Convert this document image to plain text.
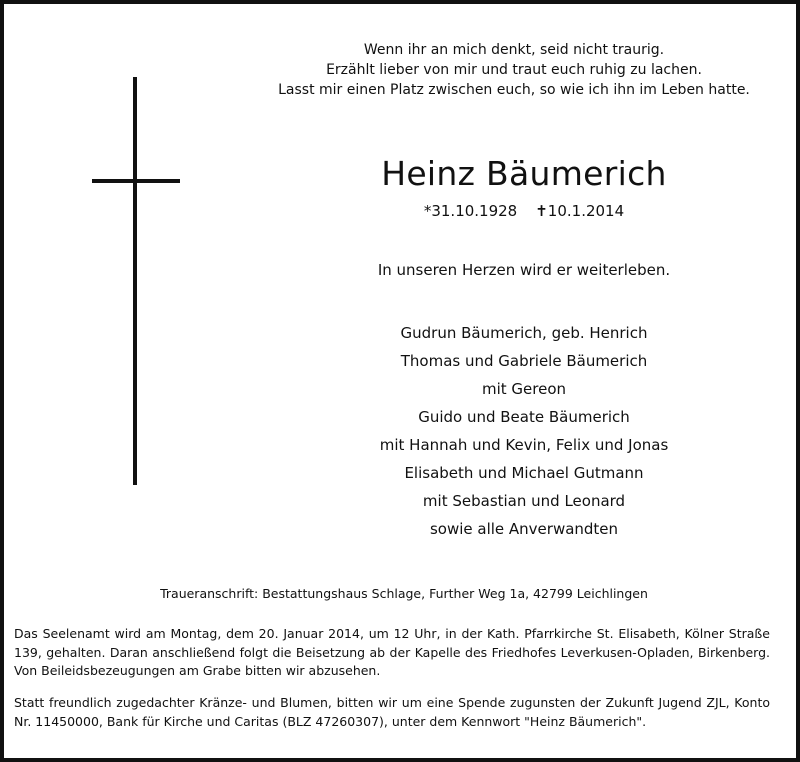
Wenn ihr an mich denkt, seid nicht traurig.
Erzählt lieber von mir und traut euch ruhig zu lachen.
Lasst mir einen Platz zwischen euch, so wie ich ihn im Leben hatte.
Heinz Bäumerich
*31.10.1928 ✝10.1.2014
In unseren Herzen wird er weiterleben.
Gudrun Bäumerich, geb. Henrich
Thomas und Gabriele Bäumerich
mit Gereon
Guido und Beate Bäumerich
mit Hannah und Kevin, Felix und Jonas
Elisabeth und Michael Gutmann
mit Sebastian und Leonard
sowie alle Anverwandten
Traueranschrift: Bestattungshaus Schlage, Further Weg 1a, 42799 Leichlingen
Das Seelenamt wird am Montag, dem 20. Januar 2014, um 12 Uhr, in der Kath. Pfarrkirche St. Elisabeth, Kölner Straße 139, gehalten. Daran anschließend folgt die Beisetzung ab der Kapelle des Friedhofes Leverkusen-Opladen, Birkenberg. Von Beileidsbezeugungen am Grabe bitten wir abzusehen.
Statt freundlich zugedachter Kränze- und Blumen, bitten wir um eine Spende zugunsten der Zukunft Jugend ZJL, Konto Nr. 11450000, Bank für Kirche und Caritas (BLZ 47260307), unter dem Kennwort "Heinz Bäumerich".
